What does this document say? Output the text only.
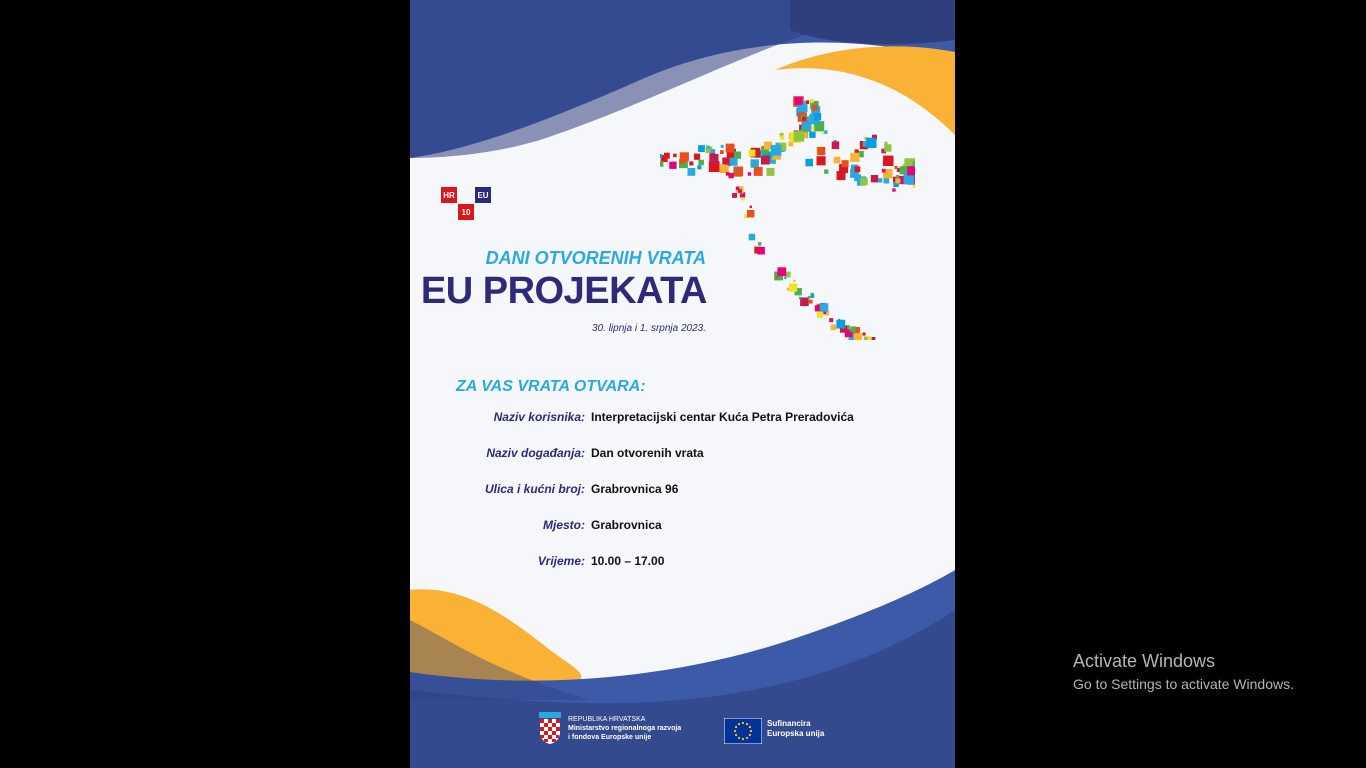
HR	EU
10
DANI OTVORENIH VRATA
EU PROJEKATA
30. lipnja i 1. srpnja 2023.
ZA VAS VRATA OTVARA:
Naziv korisnika: Interpretacijski centar Kuća Petra Preradovića
Naziv događanja: Dan otvorenih vrata
Ulica i kućni broj: Grabrovnica 96
Mjesto: Grabrovnica
Vrijeme: 10.00 – 17.00
REPUBLIKA HRVATSKA
Ministarstvo regionalnoga razvoja
i fondova Europske unije
Sufinancira
Europska unija
Activate Windows
Go to Settings to activate Windows.
